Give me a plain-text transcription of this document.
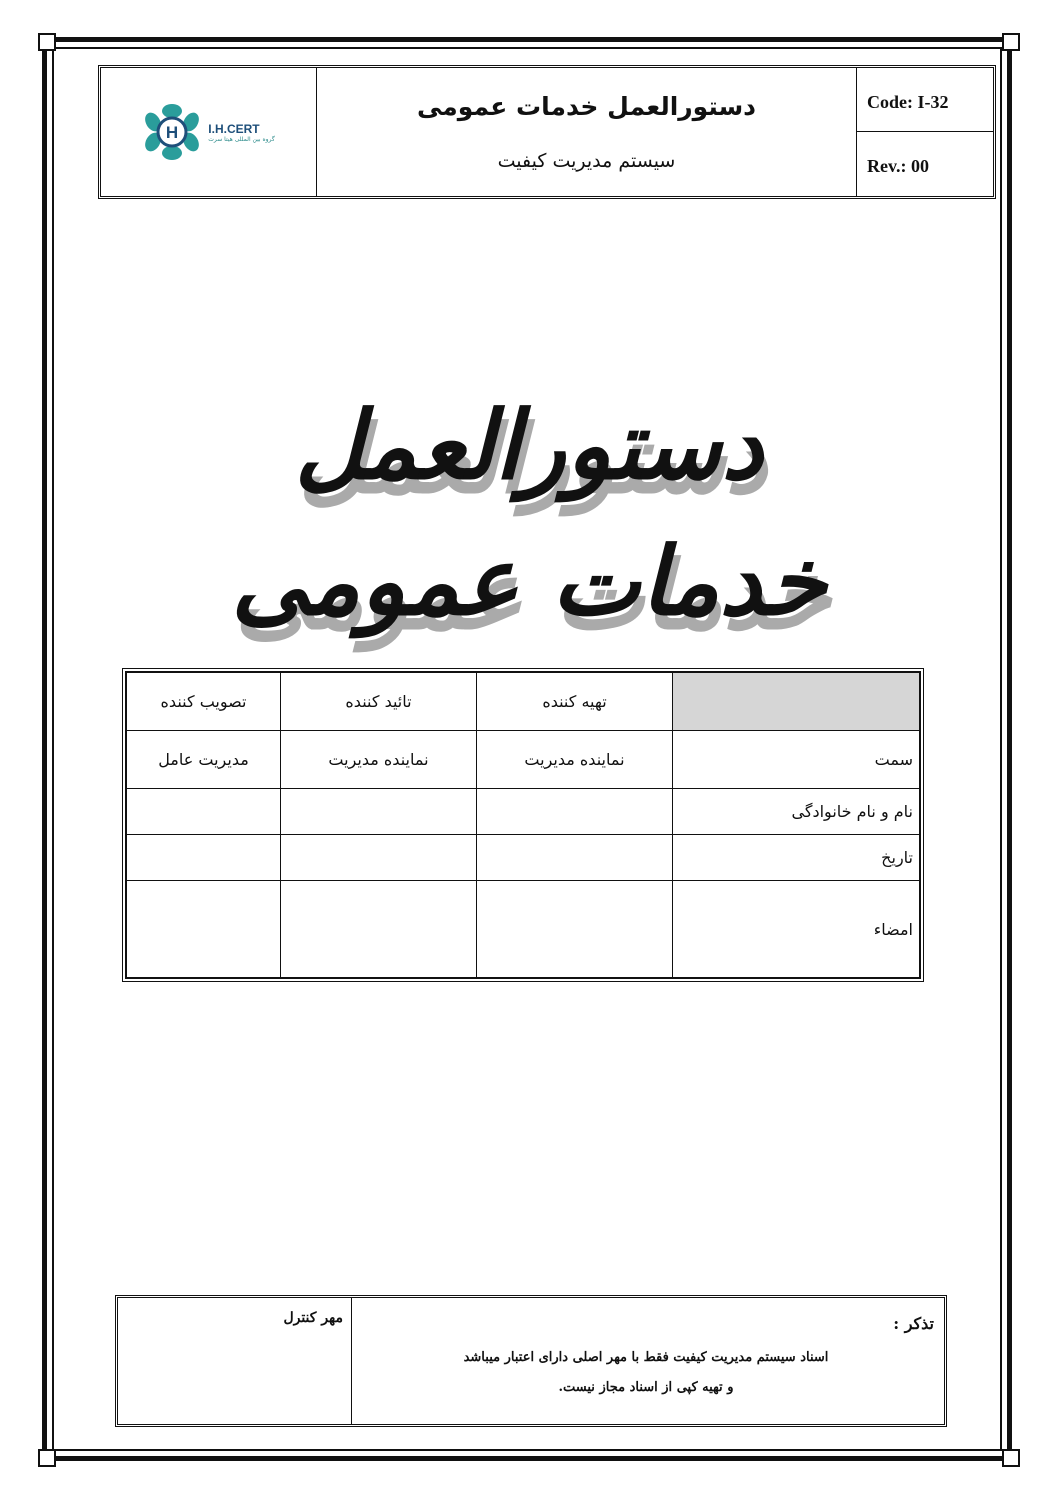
H I.H.CERT
گروه بین المللی هیتا سرت
دستورالعمل خدمات عمومی
سیستم مدیریت کیفیت
Code: I-32
Rev.: 00
دستورالعمل
خدمات عمومی
	تهیه کننده	تائید کننده	تصویب کننده
سمت	نماینده مدیریت	نماینده مدیریت	مدیریت عامل
نام و نام خانوادگی			
تاریخ			
امضاء			
مهر کنترل	تذکر :
اسناد سیستم مدیریت کیفیت فقط با مهر اصلی دارای اعتبار میباشد
و تهیه کپی از اسناد مجاز نیست.
